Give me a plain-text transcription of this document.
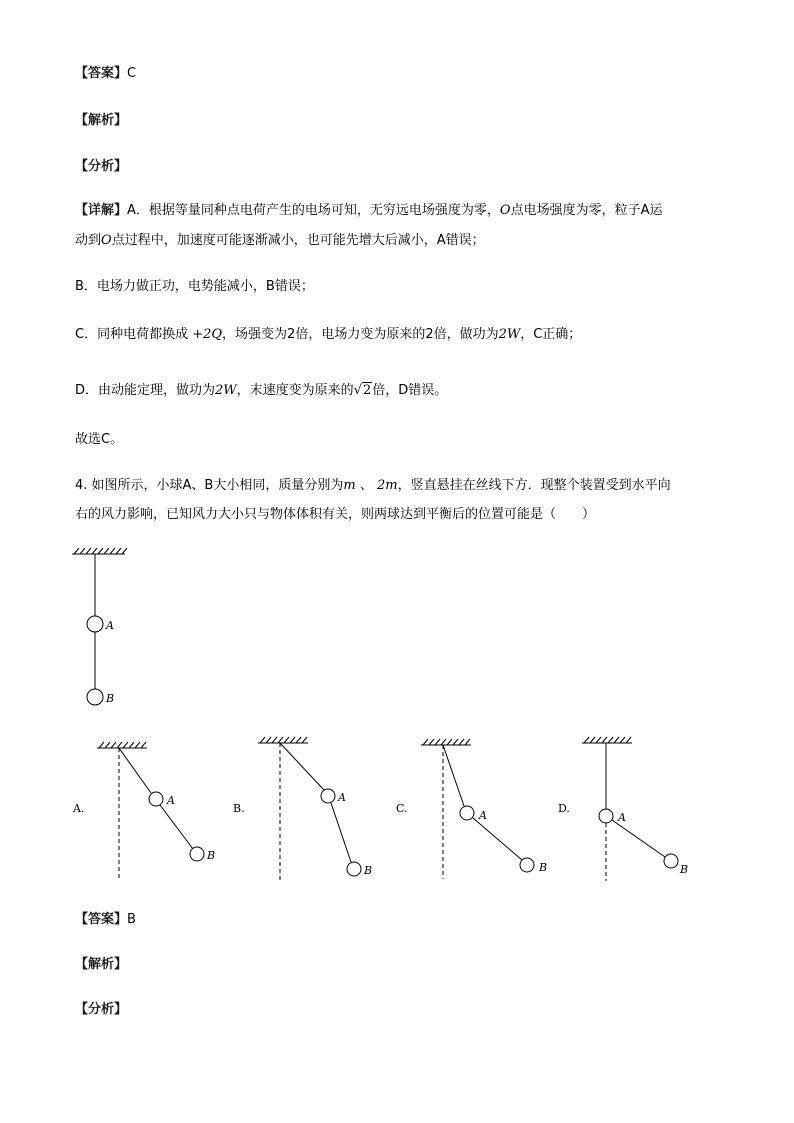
【答案】C
【解析】
【分析】
【详解】A．根据等量同种点电荷产生的电场可知，无穷远电场强度为零，O点电场强度为零，粒子A运
动到O点过程中，加速度可能逐渐减小，也可能先增大后减小，A错误；
B．电场力做正功，电势能减小，B错误；
C．同种电荷都换成 +2Q，场强变为2倍，电场力变为原来的2倍，做功为2W，C正确；
D．由动能定理，做功为2W，末速度变为原来的√2倍，D错误。
故选C。
4. 如图所示，小球A、B大小相同，质量分别为m 、 2m，竖直悬挂在丝线下方．现整个装置受到水平向
右的风力影响，已知风力大小只与物体体积有关，则两球达到平衡后的位置可能是（　　）
A
B
A.	B.	C.	D.
A
B
A
B
A
B
A
B
【答案】B
【解析】
【分析】
